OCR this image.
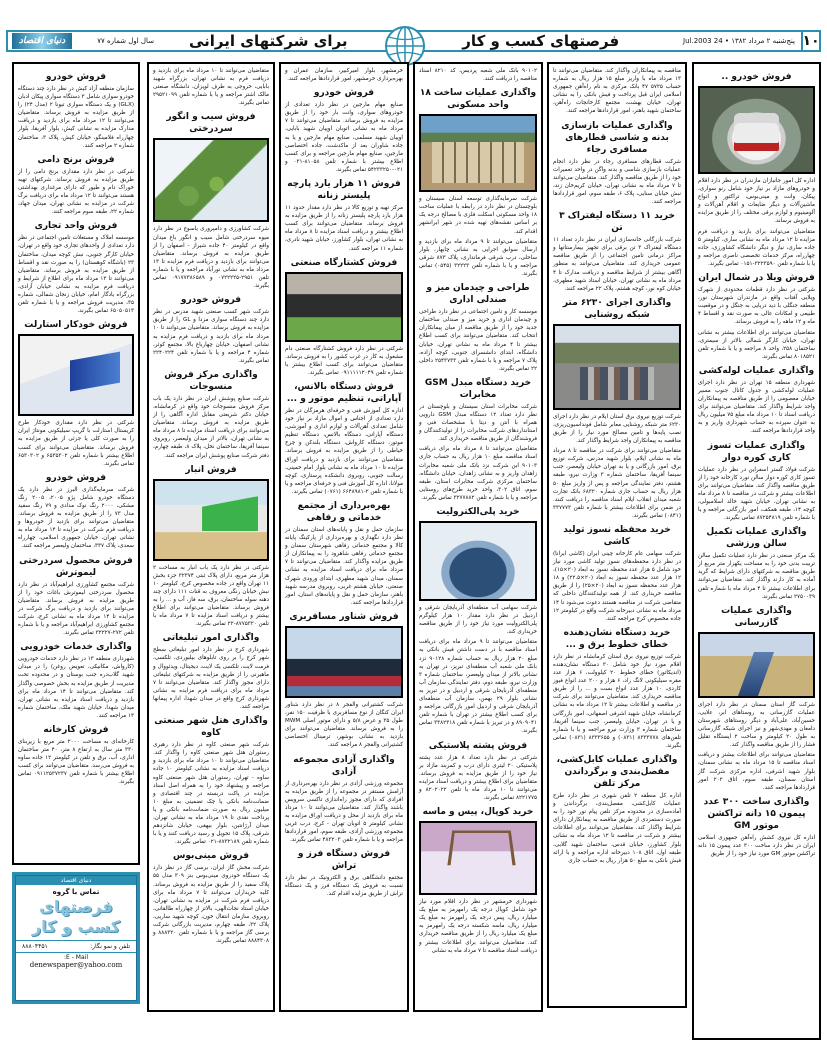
دنیای اقتصاد	سال اول شماره ۷۷	برای شرکتهای ایرانی	فرصتهای کسب و کار	پنج‌شنبه ۲ مرداد ۱۳۸۲ • 24 Jul.2003 ۱۰
فروش خودرو ..
اداره کل امور جانبازان مازندران در نظر دارد اقلام و خودروهای مازاد بر نیاز خود شامل رنو سواری، پیکان، وانت و مینی‌بوس، تراکتور و انواع ماشین‌آلات و دیگر ضایعات و اقلام آهن‌آلات و آلومینیوم و لوازم برقی مختلف را از طریق مزایده به فروش برساند.
متقاضیان می‌توانند برای بازدید و دریافت فرم مزایده تا ۱۲ مرداد ماه به نشانی ساری، کیلومتر ۵ جاده ساری، نیاز و دیگر دانشگاه کشاورزی، جاده چهارراه، مرکز خدمات تخصصی ناصری مراجعه و یا با شماره تلفن ۳۲۲۳۵۹۰-۰۱۵۱ تماس بگیرند.
فروش ویلا در شمال ایران
شرکتی در نظر دارد قطعات محدودی از شهرک ویلایی آفتاب واقع در مازندران شهرستان نور، منطقه جنگلی با دید دریایی به جنگل و در موقعیت طبیعی و امکانات عالی به صورت نقد و اقساط ۴ ماه و ۱۲ ماهه را به فروش برساند.
متقاضیان می‌توانند برای اطلاعات بیشتر به نشانی تهران، خیابان کارگر شمالی بالاتر از سیمتری، ساختمان ۲۵۸، واحد ۸ مراجعه و یا با شماره تلفن ۸۰۱۸۵۲۱ تماس بگیرند.
واگذاری عملیات لوله‌کشی
شهرداری منطقه ۱۵ تهران در نظر دارد اجرای عملیات لوله‌کشی و جدول کانال جنوب مسیر خیابان معصومی را از طریق مناقصه به پیمانکاران واجد شرایط واگذار کند. متقاضیان می‌توانند برای دریافت اسناد تا ۱۰ مرداد ماه مبلغ ۷۵ میلیون ریال به عنوان سپرده به حساب شهرداری واریز و به واحد قراردادها مراجعه کنند.
واگذاری عملیات تسوز کاری کوره دوار
شرکت فولاد گستر اسفراین در نظر دارد عملیات تسوز کاری کوره دوار سالن نورد کارخانه خود را از طریق مناقصه واگذار کند. متقاضیان می‌توانند برای اطلاعات بیشتر و شرکت در مناقصه تا ۸ مرداد ماه به نشانی تهران، خیابان شهید خالد اسلامبولی، کوچه ۱۴، طبقه همکف، امور بازرگانی مراجعه و یا با شماره تلفن ۸۷۲۵۴۸۱۹ تماس بگیرند.
واگذاری عملیات تکمیل سالن ورزشی
یک مرکز صنعتی در نظر دارد عملیات تکمیل سالن تربیت بدنی خود را به مساحت یکهزار متر مربع از طریق مناقصه به شرکتهای دارای شرایط که گرید آماده به کار دارند واگذار کند. متقاضیان می‌توانند برای اطلاعات بیشتر تا ۴ مرداد ماه با شماره تلفن ۲۷۵۰۰۳۹ تماس بگیرند.
واگذاری عملیات گازرسانی
شرکت گاز استان سمنان در نظر دارد اجرای عملیات گازرسانی به روستاهای ابر، علایی، حسین‌آباد، علی‌آباد و دیگر روستاهای شهرستان دامغان و مهدی‌شهر و نیز اجرای شبکه گازرسانی به طول ۲۰ کیلومتر و ساخت ۲ ایستگاه تقلیل فشار را از طریق مناقصه واگذار کند.
متقاضیان می‌توانند برای اطلاعات بیشتر و دریافت اسناد مناقصه تا ۱۵ مرداد ماه به نشانی سمنان، بلوار شهید اشرفی، اداره مرکزی شرکت گاز استان سمنان، طبقه سوم، اتاق ۲۰۲ امور قراردادها مراجعه کنند.
واگذاری ساخت ۳۰۰ عدد پیمون ۱۵ دانه تراکشن موتور GM
اداره کل نیروی کشش راه‌آهن جمهوری اسلامی ایران در نظر دارد ساخت ۳۰۰ عدد پیمون ۱۵ دانه تراکشن موتور GM مورد نیاز خود را از طریق
مناقصه به پیمانکاران واگذار کند. متقاضیان می‌توانند تا ۱۳ مرداد ماه با واریز مبلغ ۱۵ هزار ریال به شماره حساب ۵۷۲۵ ۴۷ بانک مرکزی به نام راه‌آهن جمهوری اسلامی ایران قبل پرداخت و فیش بانکی را به نشانی تهران، خیابان بهشت، مجتمع کارخانجات راه‌آهن، ساختمان شهید باهنر، امور قراردادها مراجعه کنند.
واگذاری عملیات بازسازی بدنه و شاسی قطارهای مسافری رجاء
شرکت قطارهای مسافری رجاء در نظر دارد انجام عملیات بازسازی شاسی و بدنه واگن در واحد تعمیرات خود را از طریق مناقصه واگذار کند. متقاضیان می‌توانند تا ۷ مرداد ماه به نشانی تهران، خیابان کریم‌خان زند، نبش خیابان سنایی، پلاک ۶، طبقه سوم، امور قراردادها مراجعه کنند.
خرید ۱۱ دستگاه لیفتراک ۳ تن
شرکت بازرگانی خانه‌سازی ایران در نظر دارد تعداد ۱۱ دستگاه لیفتراک ۳ تن برقی برای تجهیز بیمارستانها و مراکز درمانی تامین اجتماعی را از طریق مناقصه عمومی خریداری کند. متقاضیان می‌توانند به منظور آگاهی بیشتر از شرایط مناقصه و دریافت مدارک تا ۴ مرداد ماه به نشانی تهران، خیابان استاد شهید مطهری، خیابان کوه نور، کوچه هشتم، پلاک ۲۲ مراجعه کنند.
واگذاری اجرای ۶۲۳۰ متر شبکه روشنایی
شرکت توزیع نیروی برق استان ایلام در نظر دارد اجرای ۶۲۳۰ متر شبکه روشنایی معابر شامل فونداسیون‌ریزی، نصب پایه‌ها و تامین مصالح مورد نیاز را از طریق مناقصه به پیمانکاران واجد شرایط واگذار کند.
متقاضیان می‌توانند برای شرکت در مناقصه تا ۸ مرداد ماه به نشانی ایلام، بلوار شهید مدرس، شرکت توزیع برق، امور بازرگانی و یا به تهران خیابان ولیعصر، جنب سینما آفریقا، ساختمان شماره ۳ وزارت نیرو، طبقه هشتم، دفتر نمایندگی مراجعه و پس از واریز مبلغ ۵۰ هزار ریال به حساب جاری شماره ۶۸۳۲۰ بانک تجارت شعبه میدان انقلاب ایلام اسناد مناقصه را دریافت کنند. در ضمن برای اطلاعات بیشتر با شماره تلفن ۳۳۷۷۷۳ (۰۸۴۱) تماس بگیرند.
خرید محفظه نسوز تولید کاشی
شرکت سهامی عام کارخانه چینی ایران (کاشی ایرانا) در نظر دارد محفظه‌های نسوز تولید کاشی مورد نیاز خود شامل ۵ هزار عدد محفظه نسوز به ابعاد (۲۰×۱۵)، ۱۲ هزار عدد محفظه نسوز به ابعاد (۲۰×۲۲.۵) و ۱۸ هزار عدد محفظه نسوز به ابعاد (۲۰×۲۵) را از طریق مناقصه خریداری کند. از همه تولیدکنندگان داخلی که متقاضی شرکت در مناقصه هستند دعوت می‌شود تا ۱۴ مرداد ماه به نشانی دبیرخانه شرکت واقع در کیلومتر ۱۲ جاده مخصوص کرج مراجعه کنند.
خرید دستگاه نشان‌دهنده خطای خطوط برق و ...
شرکت توزیع نیروی برق استان کرمانشاه در نظر دارد اقلام مورد نیاز خود شامل ۳۰ دستگاه نشان‌دهنده (اندیکاتور) خطای خطوط ۲۰ کیلوولت، ۶ هزار عدد مقره سیلیکونی لانگ راد، ۶ هزار و ۲۰۰ عدد انواع فیوز کاردی، ۱۰ هزار عدد انواع بست و ... را از طریق مناقصه خریداری کند. متقاضیان می‌توانند برای شرکت در مناقصه و اطلاعات بیشتر تا ۱۲ مرداد ماه به نشانی کرمانشاه، خیابان شهید اشرفی اصفهانی، امور بازرگانی و یا در تهران، خیابان ولیعصر، جنب سینما آفریقا، ساختمان شماره ۳ وزارت نیرو مراجعه و یا با شماره تلفن‌های ۸۳۳۳۷۷۸ (۰۸۳۱) و ۸۳۳۳۶۵۵ (۰۸۳۱) تماس بگیرند.
واگذاری عملیات کابل‌کشی، مفصل‌بندی و برگرداندن مرکز تلفن
اداره کل منطقه ۲ تلفن شهری در نظر دارد طرح عملیات کابل‌کشی، مفصل‌بندی، برگرداندن و آماده‌سازی در محدوده مرکز تلفن پیام نور خود را به صورت دستمزدی از طریق مناقصه به پیمانکاران دارای شرایط واگذار کند. متقاضیان می‌توانند برای اطلاعات بیشتر و شرکت در مناقصه تا ۱۲ مرداد ماه به نشانی بلوار کشاورز، خیابان قدس، ساختمان شهید گلابی، طبقه اول، اتاق ۱۰۸ دبیرخانه اداره مراجعه و با ارائه فیش بانکی به مبلغ ۵۰ هزار ریال به حساب جاری
۹۰۱۰۲ بانک ملی شعبه پردیس، کد ۸۲۱۰ اسناد مناقصه را دریافت کنند.
واگذاری عملیات ساخت ۱۸ واحد مسکونی
شرکت سرمایه‌گذاری توسعه استان سیستان و بلوچستان در نظر دارد در رابطه با عملیات ساخت ۱۸ واحد مسکونی اسکلت فلزی با مصالح درجه یک بر اساس نقشه‌های تهیه شده در شهر ایرانشهر اقدام کند.
متقاضیان می‌توانند تا ۹ مرداد ماه برای بازدید و ارسال سوابق اجرایی به نشانی چابهار، بلوار ساحلی، درب شرقی فرمانداری، پلاک ۸۷۳ شرقی مراجعه و یا با شماره تلفن ۳۲۲۲۳ (۰۵۴۵) تماس بگیرند.
طراحی و چیدمان میز و صندلی اداری
موسسه کار و تامین اجتماعی در نظر دارد طراحی و چیدمان اداری و خرید میز و صندلی ساختمان جدید خود را از طریق مناقصه از میان پیمانکاران انتخاب کند. متقاضیان می‌توانند برای کسب اطلاع بیشتر تا ۴ مرداد ماه به نشانی تهران، خیابان دانشگاه، ابتدای دانشسرای جنوبی، کوچه آزاده، پلاک ۷ مراجعه و یا با شماره تلفن ۲۵۴۳۷۳۳ داخلی ۲۲ تماس بگیرند.
خرید دستگاه مبدل GSM مخابرات
شرکت مخابرات استان سیستان و بلوچستان در نظر دارد تعداد ۱۲ دستگاه مبدل GSM دارویی همراه با آنتن و دیتا با مشخصات فنی و استانداردهای شرکت مخابرات را از تولیدکنندگان و فروشندگان از طریق مناقصه خریداری کند.
متقاضیان می‌توانند تا ۸ مرداد ماه برای دریافت اسناد مناقصه مبلغ ۱۰ هزار ریال به حساب جاری ۹۰۱۰۳ این شرکت نزد بانک ملی شعبه مخابرات زاهدان واریز و به نشانی زاهدان، خیابان دانشگاه، ساختمان مرکزی شرکت مخابرات استان، طبقه سوم، اتاق ۳۰۲، واحد خرید طرح‌های روستایی مراجعه و یا با شماره تلفن ۳۲۷۷۸۸۲ تماس بگیرند.
خرید پلی‌الکترولیت
شرکت سهامی آب منطقه‌ای آذربایجان شرقی و اردبیل در نظر دارد مقدار ۱۰ هزار کیلوگرم پلی‌الکترولیت مورد نیاز خود را از طریق مناقصه خریداری کند.
متقاضیان می‌توانند تا ۹ مرداد ماه برای دریافت اسناد مناقصه با در دست داشتن فیش بانکی به مبلغ ۲۰ هزار ریال به حساب شماره ۹۰۱۲۸ نزد بانک ملی شعبه آب منطقه‌ای تبریز، در تهران به نشانی بالاتر از میدان ولیعصر، ساختمان شماره ۳ وزارت نیرو، طبقه دوم، دفتر نمایندگی سازمان آب منطقه‌ای آذربایجان شرقی و اردبیل و در تبریز به نشانی بلوار ۲۹ بهمن، سازمان آب منطقه‌ای آذربایجان شرقی و اردبیل امور بازرگانی مراجعه و برای کسب اطلاع بیشتر در تهران با شماره تلفن ۸۹۰۹۰۴۱ و در تبریز با شماره تلفن ۳۳۸۲۳۱۸ تماس بگیرند.
فروش پشته پلاستیکی
شرکتی در نظر دارد تعداد ۸ هزار عدد پشته پلاستیکی ۲۰ لیتری دارای درب و کمربند مازاد بر نیاز خود را از طریق مزایده به فروش برساند. متقاضیان برای اطلاع بیشتر و دریافت اسناد مزایده می‌توانند تا ۱۰ مرداد ماه با تلفن ۸۲۰۲۰۲۲ و ۸۲۲۱۷۷۵ تماس بگیرند.
خرید کوپال، پیس و ماسه
شهرداری خرمشهر در نظر دارد اقلام مورد نیاز خود شامل کوپال درجه یک رامهرمز به مبلغ یک میلیارد ریال، پیس درجه یک رامهرمز به مبلغ یک میلیارد ریال، ماسه شکسته درجه یک رامهرمز به مبلغ یک میلیارد ریال را از طریق مناقصه خریداری کند. متقاضیان می‌توانند برای اطلاعات بیشتر و دریافت اسناد مناقصه تا ۷ مرداد ماه به نشانی
خرمشهر، بلوار امیرکبیر، سازمان عمران و بهره‌برداری خرمشهر، امور قراردادها مراجعه کنند.
فروش خودرو
صنایع مهام مارجین در نظر دارد تعدادی از خودروهای سواری، وانت بار خود را از طریق مزایده به فروش برساند. متقاضیان می‌توانند تا ۷ مرداد ماه به نشانی اتوبان اوپیان شهید بابایی، اوپیان شهید مسلمی، صنایع مهام مارجین و یا به جاده شاوران بعد از ماکدشت، جاده اختصاصی مارجین، صنایع مهام مارجین مراجعه و برای کسب اطلاع بیشتر با شماره تلفن ۸۱۰۵۸-۰۳۱ و ۰۲۱-۵۴۲۳۳۲۵۰ تماس بگیرند.
فروش ۱۱ هزار یارد پارچه پلیستر زنانه
مرکز تهیه و توزیع کالا در نظر دارد مقدار حدود ۱۱ هزار یارد پارچه پلیستر زنانه را از طریق مزایده به فروش برساند. متقاضیان می‌توانند برای کسب اطلاع بیشتر و دریافت اسناد مزایده تا ۸ مرداد ماه به نشانی تهران، بلوار کشاورز، خیابان شهید نادری، شماره ۱۱ مراجعه کنند.
فروش کشتارگاه صنعتی
شرکتی در نظر دارد فروش کشتارگاه صنعتی دام مشغول به کار در غرب کشور را به فروش برساند. متقاضیان می‌توانند برای کسب اطلاع بیشتر با شماره تلفن ۰۹۱۱۱۱۱۲۰۴۹ تماس بگیرند.
فروش دستگاه بالانس، آپاراتی، تنظیم موتور و ...
اداره کل آموزش فنی و حرفه‌ای هرمزگان در نظر دارد تعدادی از اجناس و اموال مازاد بر نیاز خود شامل تعدادی آهن‌آلات و لوازم اداری و آموزشی، دستگاه آپاراتی، دستگاه بالانس، دستگاه تنظیم موتور، دستگاه کارواش، دستگاه بلندکن و چرخ خیاطی را از طریق مزایده به فروش برساند. متقاضیان می‌توانند برای بازدید و دریافت اوراق مزایده تا ۱۰ مرداد ماه به نشانی بلوار امام خمینی، رسالت جنوبی، روبروی دانشکده پرستاری، کوچه مولانا، اداره کل آموزش فنی و حرفه‌ای مراجعه و یا با شماره تلفن ۲-۶۶۴۸۹۸۱ (۰۷۶۱) تماس بگیرند.
بهره‌برداری از مجتمع خدماتی و رفاهی
سازمان حمل و نقل و پایانه‌های استان سمنان در نظر دارد نگهداری و بهره‌برداری از پارکینگ پایانه کالا و مجتمع خدماتی رفاهی شهرستان سمنان و مجتمع خدماتی رفاهی شاهرود را به پیمانکاران از طریق مزایده واگذار کند. متقاضیان می‌توانند تا ۷ مرداد ماه برای دریافت اسناد مزایده به نشانی سمنان، میدان شهید مطهری، ابتدای ورودی شهرک صنعتی، خیابان هشتم غربی، روبروی مدرسه شهید باهنر، سازمان حمل و نقل و پایانه‌های استان، امور قراردادها مراجعه کنند.
فروش شناور مسافربری
شرکت کشتیرانی والفجر ۸ در نظر دارد شناور ایران کنگان از نوع مسافربری با ظرفیت ۱۵۰ نفر، طول ۳۵ و عرض ۵/۸ و دارای موتور اصلی MWM را به فروش برساند. متقاضیان می‌توانند برای بازدید به نشانی بوشهر، ترمینال اختصاصی کشتیرانی والفجر ۸ مراجعه کنند.
واگذاری آزادی مجموعه آزادی
مجموعه ورزشی آزادی در نظر دارد بهره‌برداری از آرامش مستقر در مجموعه را از طریق مزایده به افرادی که دارای مجوز راه‌اندازی تاکسی سرویس باشند واگذار کند. متقاضیان می‌توانند تا ۱۰ مرداد ماه برای بازدید از محل و دریافت اوراق مزایده به نشانی کیلومتر ۵ اتوبان تهران - کرج، درب غربی مجموعه ورزشی آزادی، طبقه سوم، امور قراردادها مراجعه و یا با شماره تلفن ۴۸۳۲۰۳ تماس بگیرند.
فروش دستگاه فرز و تراش
مجتمع دانشگاهی برق و الکترونیک در نظر دارد نسبت به فروش یک دستگاه فرز و یک دستگاه تراش از طریق مزایده اقدام کند.
متقاضیان می‌توانند تا ۱۰ مرداد ماه برای بازدید و دریافت فرم به نشانی تهران، بزرگراه شهید بابایی، خروجی به طرف لویزان، دانشگاه صنعتی مالک اشتر مراجعه و یا با شماره تلفن ۲۹۵۲۱۰۹۹ تماس بگیرند.
فروش سیب و انگور سردرختی
شرکت کشاورزی و دامپروری یاسوج در نظر دارد میوه سردرختی شامل سیب و انگور باغ میدان واقع در کیلومتر ۴۰ جاده شیراز - اصفهان را از طریق مزایده به فروش برساند. متقاضیان می‌توانند برای بازدید و دریافت فرم مزایده تا ۱۳ مرداد ماه به نشانی نورآباد مراجعه و یا با شماره تلفن ۲۹۵۱-۰۷۲۲۲۲۵ و ۰۹۱۷۷۳۸۶۵۸۹ تماس بگیرند.
فروش خودرو
شرکت شهر کسب صنعتی شهید مدرس در نظر دارد چند دستگاه سواری مزدا و GL را از طریق مزایده به فروش برساند. متقاضیان می‌توانند تا ۱۰ مرداد ماه برای بازدید و دریافت فرم مزایده به نشانی اصفهان، خیابان چهارباغ بالا، مجتمع کوثر، شماره ۴ مراجعه و یا با شماره تلفن ۲۲۴۰۲۲۴ تماس بگیرند.
واگذاری مرکز فروش منسوجات
شرکت صنایع پوشش ایران در نظر دارد یک باب مرکز فروش منسوجات خود واقع در کرمانشاه، خیابان دکتر شریعتی مقابل اداره آگاهی را از طریق مزایده به فروش برساند. متقاضیان می‌توانند برای دریافت اسناد مزایده تا ۸ مرداد ماه به نشانی تهران، بالاتر از میدان ولیعصر، روبروی سینما آفریقا، ساختمان نخل، پلاک ۸، طبقه چهارم، دفتر شرکت صنایع پوشش ایران مراجعه کنند.
فروش انبار
شرکتی در نظر دارد یک باب انبار به مساحت ۲ هزار متر مربع، دارای پلاک ثبتی ۳۲۳۷۴ جزء بخش ۱۱ تهران واقع در جاده مخصوص کرج، کیلومتر ۱۰ نبش خیابان رنگی معروف به قنات ۱۱۱ دارای چند دهنه سوله ساختمان، برق، سه فاز، آب و ... را به فروش برساند. متقاضیان می‌توانند برای اطلاع بیشتر و دریافت اسناد مزایده تا ۷ مرداد ماه با تلفن ۸۷۷۵۳۲۰-۲۲ تماس بگیرند.
واگذاری امور تبلیغاتی
شهرداری کرج در نظر دارد امور تبلیغاتی سطح شهر کرج را بر روی تابلوهای بیلبوردی، تلکسی، فرمت لایت، تلکسی یک لایت، دیجیتال، ویدئووال و ماهیرنی را از طریق مزایده به شرکتهای تبلیغاتی دارای مجوز واگذار کند. متقاضیان می‌توانند تا ۷ مرداد ماه برای دریافت فرم مزایده به نشانی شهرداری کرج واقع در میدان شهدا، اداره پیمانها مراجعه کنند.
واگذاری هتل شهر صنعتی کاوه
شرکت شهر صنعتی کاوه در نظر دارد رهبری رستوران هتل شهر صنعتی کاوه را واگذار کند. متقاضیان می‌توانند تا ۱۰ مرداد ماه برای بازدید و دریافت اسناد مزایده به نشانی کیلومتر ۱۰ جاده ساوه - تهران، رستوران هتل شهر صنعتی کاوه مراجعه و پیشنهاد خود را به همراه اصل اسناد مزایده در پاکت دربسته در چند اقتصادی و ضمانت‌نامه بانکی یا چک تضمینی به مبلغ ۱۰ میلیون ریال به صورت ضمانت‌نامه بانکی و یا پرداخت نقدی تا ۱۹ مرداد ماه به نشانی تهران، میدان آرژانتین، بلوار بیهقی، خیابان شانزدهم شرقی، پلاک ۱۵ تحویل و رسید دریافت کنند و یا با شماره تلفن ۸۷۳۲۱۸۹-۰۲۱ تماس بگیرند.
فروش مینی‌بوس
شرکت مخش گاز ایران، برسی گاز در نظر دارد یک دستگاه خودروی مینی‌بوس بنز ۳۰۹ مدل ۵۵ پلاک سفید را از طریق مزایده به فروش برساند. کلیه خریداران می‌توانند تا ۷ مرداد ماه برای دریافت فرم شرکت در مزایده به نشانی تهران، خیابان استاد نجات‌الهی، بالاتر از چهارراه طالقانی، روبروی سازمان انتقال خون، کوچه شهید ساریی، پلاک ۳۲، طبقه چهارم، مدیریت بازرگانی شرکت برسی گاز مراجعه و یا با شماره تلفن ۸۸۸۳۲۰ و ۸۸۸۴۳۰۸ تماس بگیرند.
فروش خودرو
سازمان منطقه آزاد کیش در نظر دارد چند دستگاه خودرو سواری شامل ۳ دستگاه سواری پیکان ادبان (GLX) و یک دستگاه سواری تیونا ۲ (مدل ۲۴) را از طریق مزایده به فروش برساند. متقاضیان می‌توانند تا ۱۲ مرداد ماه برای بازدید و دریافت مدارک مزایده به نشانی کیش، بلوار آفریقا، بلوار چهارراه فلامینگو، خیابان کیش، پلاک ۳، ساختمان شماره ۲ مراجعه کنند.
فروش برنج دامی
شرکتی در نظر دارد مقداری برنج دامی را از طریق مزایده به فروش برساند. شرکتهای تهیه خوراک دام و طیور که دارای مرغداری بهداشتی هستند می‌توانند تا ۱۲ مرداد ماه برای دریافت برگ شرکت در مزایده به نشانی تهران، میدان جهاد، شماره ۲۲، طبقه سوم مراجعه کنند.
فروش واحد تجاری
موسسه املاک و مستغلات تامین اجتماعی در نظر دارد تعدادی از واحدهای تجاری خود واقع در تهران، خیابان کارگر جنوبی، نبش کوچه میدان، ساختمان ۲۳ (باشگاه کوهستان) را به صورت نقد و اقساط از طریق مزایده به فروش برساند. متقاضیان می‌توانند تا ۱۳ مرداد ماه برای اطلاع از شرایط و دریافت فرم مزایده به نشانی خیابان آزادی، بزرگراه یادگار امام، خیابان زنجان شمالی، شماره ۳۵، مدیریت فروش مراجعه و یا با شماره تلفن ۶۵۰۵۰۵۱۳ تماس بگیرند.
فروش خودکار استارلت
شرکتی در نظر دارد مقداری خودکار طرح کریستال استارلت با گریپ سیلیکونی مونتاژ ایران را به صورت کلی یا جزئی از طریق مزایده به فروش برساند. متقاضیان می‌توانند برای کسب اطلاع بیشتر با شماره تلفن ۶۵۳۵۳۰۲ و ۶۵۳۰۳۰۲ تماس بگیرند.
فروش خودرو
شرکت سرمایه‌گذاری البرز در نظر دارد یک دستگاه خودرو شامل پژو ۲۰۰۵، ۲۰۰۵ رنگ مشکی، ۲۰۰۰ رنگ نوک مدادی و ۷۹ رنگ سفید مدل ۷۳ را از طریق مزایده به فروش برساند. متقاضیان می‌توانند برای بازدید از خودروها و دریافت فرم شرکت در مزایده تا ۱۴ مرداد ماه به نشانی تهران، خیابان جمهوری اسلامی، چهارراه سعدی، پلاک ۳۳۷، ساختمان ولیعصر مراجعه کنند.
فروش محصول سردرختی لیموترش
شرکت مجتمع کشاورزی ابراهیم‌آباد در نظر دارد محصول سردرختی لیموترش باغات خود را از طریق مزایده به فروش برساند. متقاضیان می‌توانند برای بازدید و دریافت برگ شرکت در مزایده تا ۱۴ مرداد ماه به نشانی کرج، شرکت مجتمع کشاورزی ابراهیم‌آباد مراجعه و یا با شماره تلفن ۲۷۲-۳۲۲۲۷ تماس بگیرند.
واگذاری خدمات خودرویی
شهرداری منطقه ۱۳ در نظر دارد خدمات خودرویی (کارواش، مکانیکی، تعویض روغن) را در میدان شهید گلاب‌دره جنب بوستان و در محدوده تحت مدیریت از طریق مزایده به بخش خصوصی واگذار کند. متقاضیان می‌توانند تا ۱۴ مرداد ماه برای بازدید و دریافت اسناد مزایده به نشانی تهران، میدان شهدا، خیابان شهید ملک، ساختمان شماره ۱۳ مراجعه کنند.
فروش کارخانه
کارخانه‌ای به مساحت ۲۰۰۰ متر مربع با زیربنای ۳۳۰ متر سال به ارتفاع ۸ متر، ۴۰ متر ساختمان اداری، آب، برق و تلفن در کیلومتر ۱۲ جاده ساوه به فروش می‌رسد. متقاضیان می‌توانند برای کسب اطلاع بیشتر با شماره تلفن ۰۹۱۱۲۵۳۷۲۳۷ تماس بگیرند.
دنیای اقتصاد
تماس با گروه
فرصتهای
کسب و کار
تلفن و نمو نگار:
۸۸۸۰۴۴۵۱
E - Mail:
denewspaper@yahoo.com
